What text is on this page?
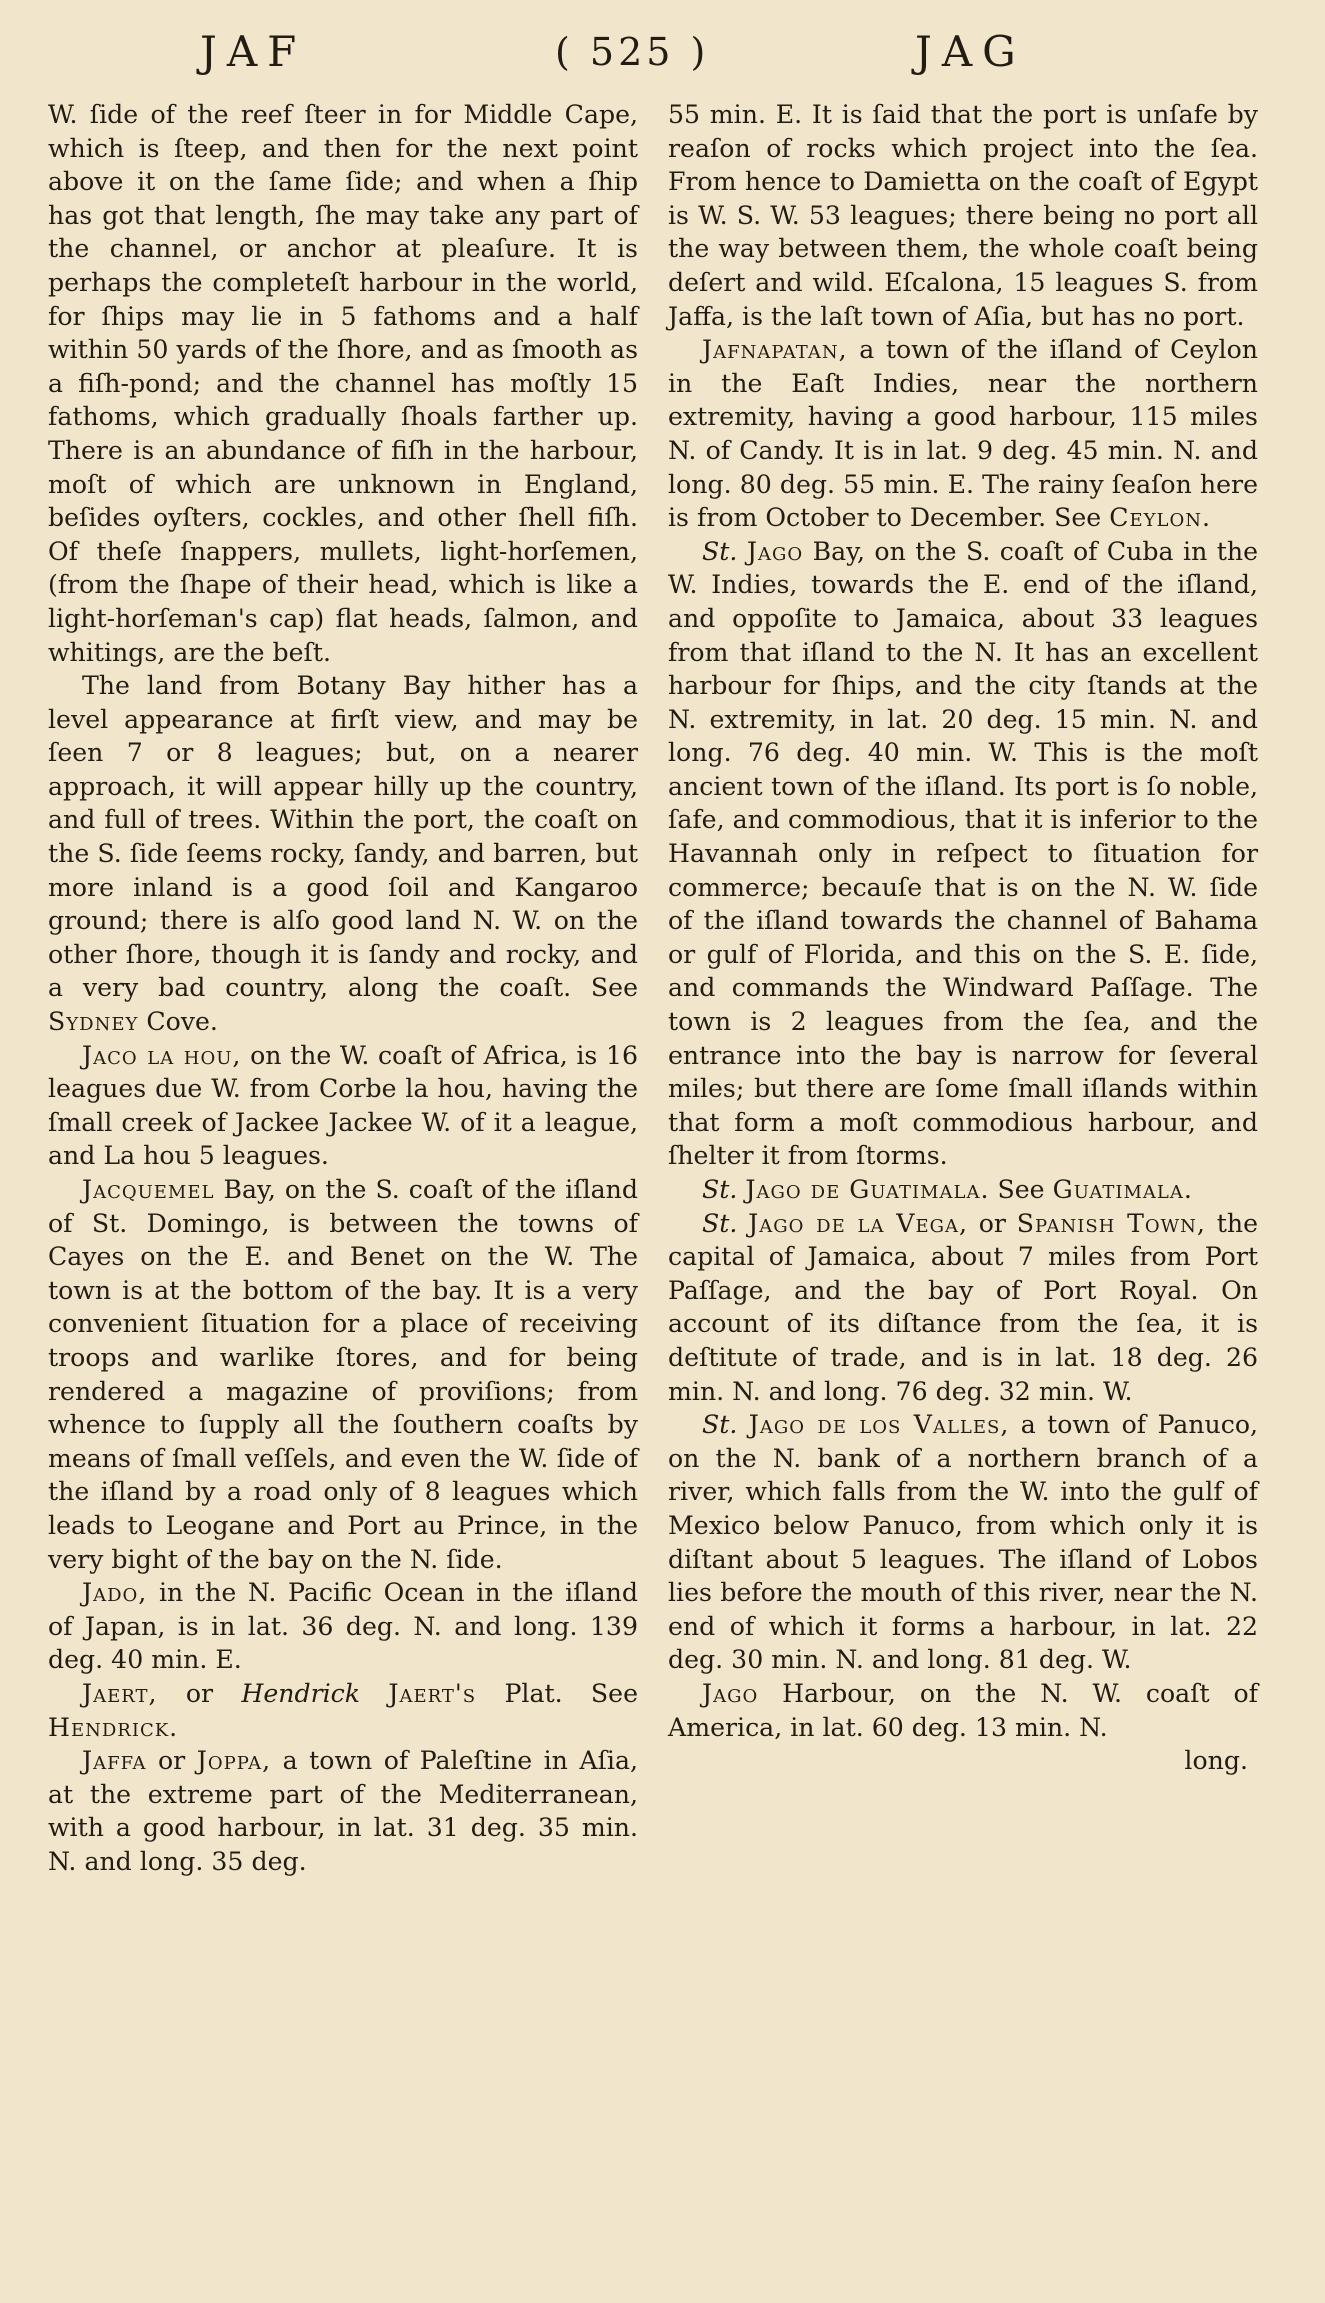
JAF	( 525 )	JAG

W. ſide of the reef ſteer in for Middle Cape, which is ſteep, and then for the next point above it on the ſame ſide; and when a ſhip has got that length, ſhe may take any part of the channel, or anchor at pleaſure. It is perhaps the completeſt harbour in the world, for ſhips may lie in 5 fathoms and a half within 50 yards of the ſhore, and as ſmooth as a fiſh-pond; and the channel has moſtly 15 fathoms, which gradually ſhoals farther up. There is an abundance of fiſh in the harbour, moſt of which are unknown in England, beſides oyſters, cockles, and other ſhell fiſh. Of theſe ſnappers, mullets, light-horſemen, (from the ſhape of their head, which is like a light-horſeman's cap) flat heads, ſalmon, and whitings, are the beſt.

The land from Botany Bay hither has a level appearance at firſt view, and may be ſeen 7 or 8 leagues; but, on a nearer approach, it will appear hilly up the country, and full of trees. Within the port, the coaſt on the S. ſide ſeems rocky, ſandy, and barren, but more inland is a good ſoil and Kangaroo ground; there is alſo good land N. W. on the other ſhore, though it is ſandy and rocky, and a very bad country, along the coaſt. See Sydney Cove.

Jaco la hou, on the W. coaſt of Africa, is 16 leagues due W. from Corbe la hou, having the ſmall creek of Jackee Jackee W. of it a league, and La hou 5 leagues.

Jacquemel Bay, on the S. coaſt of the iſland of St. Domingo, is between the towns of Cayes on the E. and Benet on the W. The town is at the bottom of the bay. It is a very convenient ſituation for a place of receiving troops and warlike ſtores, and for being rendered a magazine of proviſions; from whence to ſupply all the ſouthern coaſts by means of ſmall veſſels, and even the W. ſide of the iſland by a road only of 8 leagues which leads to Leogane and Port au Prince, in the very bight of the bay on the N. ſide.

Jado, in the N. Pacific Ocean in the iſland of Japan, is in lat. 36 deg. N. and long. 139 deg. 40 min. E.

Jaert, or Hendrick Jaert's Plat. See Hendrick.

Jaffa or Joppa, a town of Paleſtine in Aſia, at the extreme part of the Mediterranean, with a good harbour, in lat. 31 deg. 35 min. N. and long. 35 deg.

55 min. E. It is ſaid that the port is unſafe by reaſon of rocks which project into the ſea. From hence to Damietta on the coaſt of Egypt is W. S. W. 53 leagues; there being no port all the way between them, the whole coaſt being deſert and wild. Eſcalona, 15 leagues S. from Jaffa, is the laſt town of Aſia, but has no port.

Jafnapatan, a town of the iſland of Ceylon in the Eaſt Indies, near the northern extremity, having a good harbour, 115 miles N. of Candy. It is in lat. 9 deg. 45 min. N. and long. 80 deg. 55 min. E. The rainy ſeaſon here is from October to December. See Ceylon.

St. Jago Bay, on the S. coaſt of Cuba in the W. Indies, towards the E. end of the iſland, and oppoſite to Jamaica, about 33 leagues from that iſland to the N. It has an excellent harbour for ſhips, and the city ſtands at the N. extremity, in lat. 20 deg. 15 min. N. and long. 76 deg. 40 min. W. This is the moſt ancient town of the iſland. Its port is ſo noble, ſafe, and commodious, that it is inferior to the Havannah only in reſpect to ſituation for commerce; becauſe that is on the N. W. ſide of the iſland towards the channel of Bahama or gulf of Florida, and this on the S. E. ſide, and commands the Windward Paſſage. The town is 2 leagues from the ſea, and the entrance into the bay is narrow for ſeveral miles; but there are ſome ſmall iſlands within that form a moſt commodious harbour, and ſhelter it from ſtorms.

St. Jago de Guatimala. See Guatimala.

St. Jago de la Vega, or Spanish Town, the capital of Jamaica, about 7 miles from Port Paſſage, and the bay of Port Royal. On account of its diſtance from the ſea, it is deſtitute of trade, and is in lat. 18 deg. 26 min. N. and long. 76 deg. 32 min. W.

St. Jago de los Valles, a town of Panuco, on the N. bank of a northern branch of a river, which falls from the W. into the gulf of Mexico below Panuco, from which only it is diſtant about 5 leagues. The iſland of Lobos lies before the mouth of this river, near the N. end of which it forms a harbour, in lat. 22 deg. 30 min. N. and long. 81 deg. W.

Jago Harbour, on the N. W. coaſt of America, in lat. 60 deg. 13 min. N.

long.
